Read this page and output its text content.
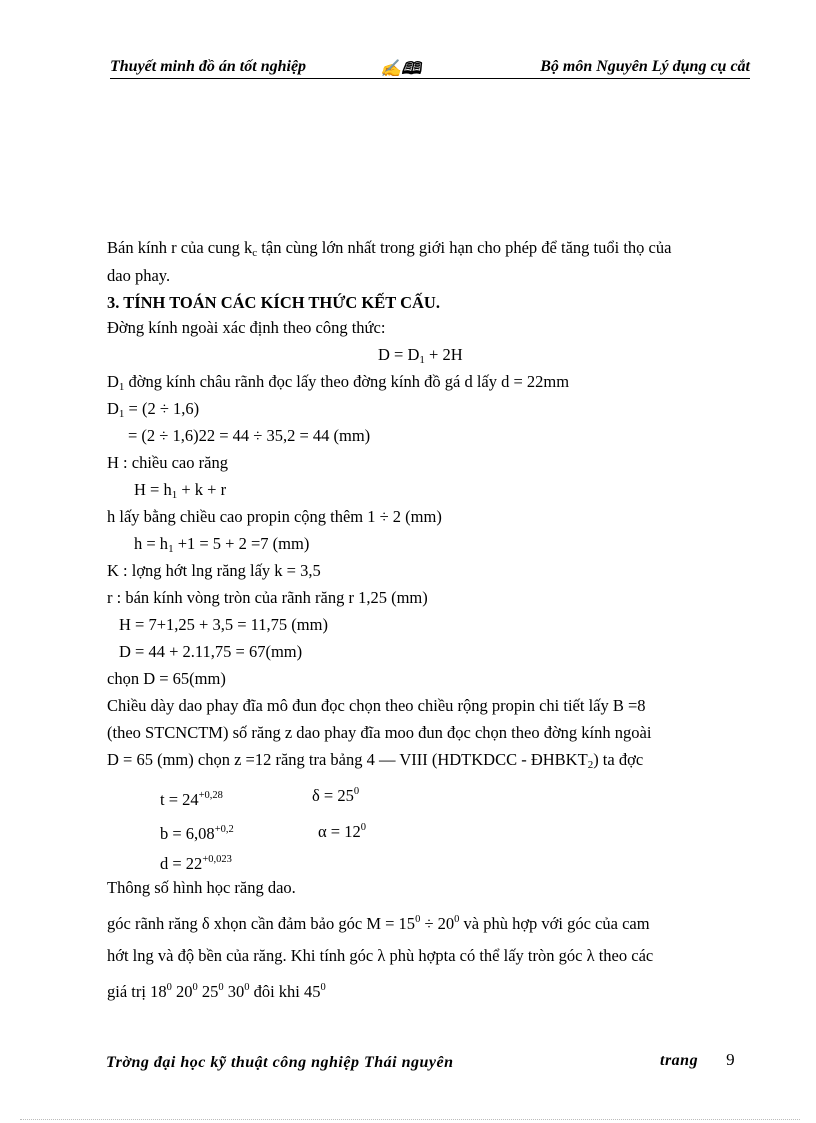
Thuyết minh đồ án tốt nghiệp	✍🕮	Bộ môn Nguyên Lý dụng cụ cắt
Bán kính r của cung $k_c$ tận cùng lớn nhất trong giới hạn cho phép để tăng tuổi thọ của
dao phay.
3. TÍNH TOÁN CÁC KÍCH THỨC KẾT CẤU.
Đờng kính ngoài xác định theo công thức:
$D = D_1 + 2H$
$D_1$ đờng kính châu rãnh đọc lấy theo đờng kính đồ gá d lấy d = 22mm
$D_1 = (2 \div 1,6)$
= (2 ÷ 1,6)22 = 44 ÷ 35,2 = 44 (mm)
H : chiều cao răng
$H = h_1 + k + r$
h lấy bằng chiều cao propin cộng thêm 1 ÷ 2 (mm)
$h = h_1 +1 = 5 + 2 =7$ (mm)
K : lợng hớt lng răng lấy k = 3,5
r : bán kính vòng tròn của rãnh răng r 1,25 (mm)
H = 7+1,25 + 3,5 = 11,75 (mm)
D = 44 + 2.11,75 = 67(mm)
chọn D = 65(mm)
Chiều dày dao phay đĩa mô đun đọc chọn theo chiều rộng propin chi tiết lấy B =8
(theo STCNCTM) số răng z dao phay đĩa moo đun đọc chọn theo đờng kính ngoài
D = 65 (mm) chọn z =12 răng tra bảng 4 — VIII (HDTKDCC - $ĐHBKT_2$) ta đợc
$t = 24^{+0,28}$	$\delta = 25^0$
$b = 6,08^{+0,2}$	$\alpha = 12^0$
$d = 22^{+0,023}$
Thông số hình học răng dao.
góc rãnh răng δ xhọn cần đảm bảo góc $M = 15^0 \div 20^0$ và phù hợp với góc của cam
hớt lng và độ bền của răng. Khi tính góc λ phù hợpta có thể lấy tròn góc λ theo các
giá trị $18^0$ $20^0$ $25^0$ $30^0$ đôi khi $45^0$
Trờng đại học kỹ thuật công nghiệp Thái nguyên	trang 9
